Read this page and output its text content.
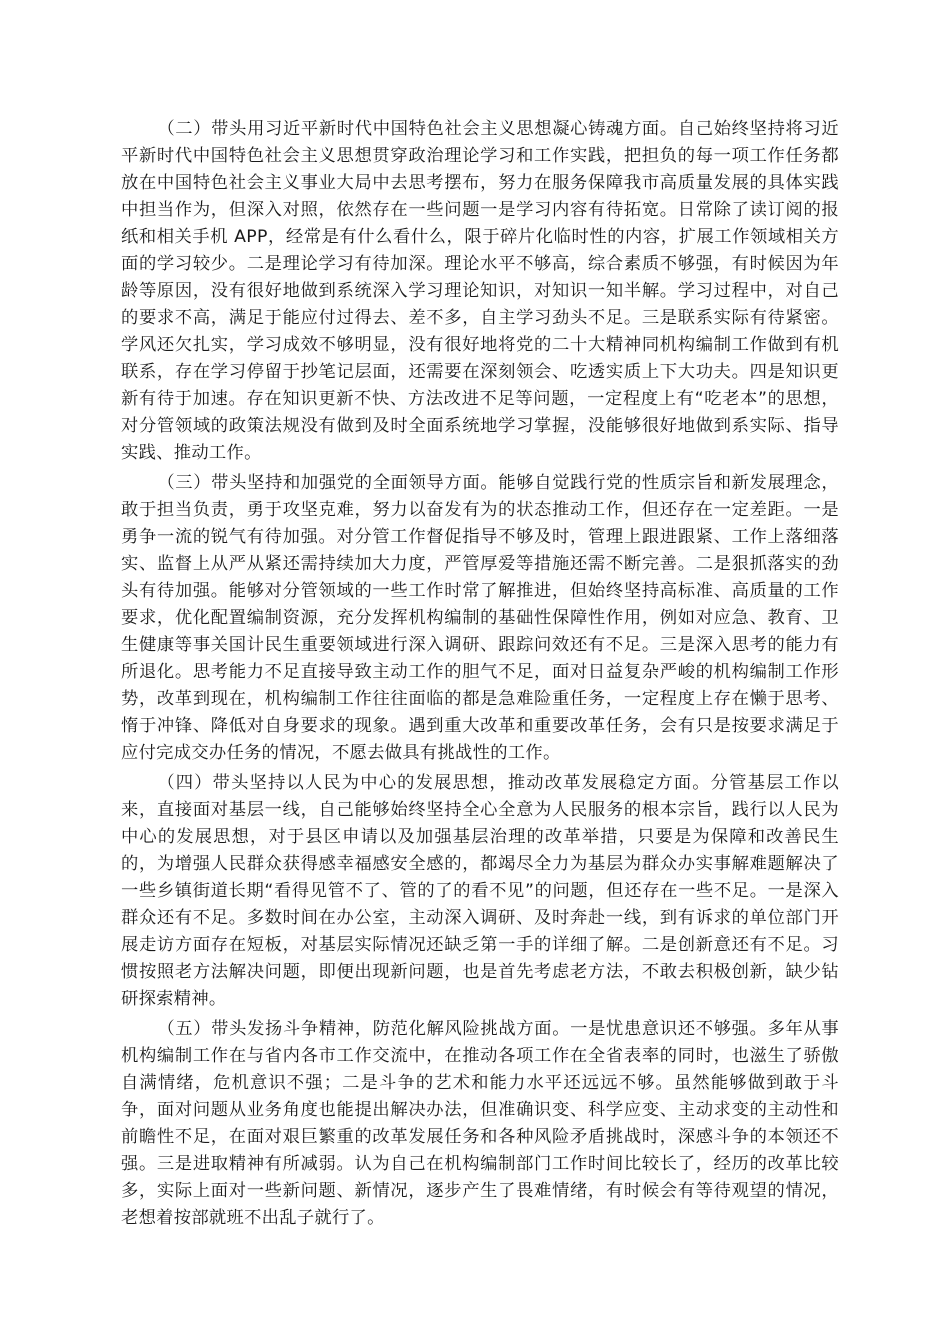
（二）带头用习近平新时代中国特色社会主义思想凝心铸魂方面。自己始终坚持将习近平新时代中国特色社会主义思想贯穿政治理论学习和工作实践，把担负的每一项工作任务都放在中国特色社会主义事业大局中去思考摆布，努力在服务保障我市高质量发展的具体实践中担当作为，但深入对照，依然存在一些问题一是学习内容有待拓宽。日常除了读订阅的报纸和相关手机 APP，经常是有什么看什么，限于碎片化临时性的内容，扩展工作领域相关方面的学习较少。二是理论学习有待加深。理论水平不够高，综合素质不够强，有时候因为年龄等原因，没有很好地做到系统深入学习理论知识，对知识一知半解。学习过程中，对自己的要求不高，满足于能应付过得去、差不多，自主学习劲头不足。三是联系实际有待紧密。学风还欠扎实，学习成效不够明显，没有很好地将党的二十大精神同机构编制工作做到有机联系，存在学习停留于抄笔记层面，还需要在深刻领会、吃透实质上下大功夫。四是知识更新有待于加速。存在知识更新不快、方法改进不足等问题，一定程度上有“吃老本”的思想，对分管领域的政策法规没有做到及时全面系统地学习掌握，没能够很好地做到系实际、指导实践、推动工作。

（三）带头坚持和加强党的全面领导方面。能够自觉践行党的性质宗旨和新发展理念，敢于担当负责，勇于攻坚克难，努力以奋发有为的状态推动工作，但还存在一定差距。一是勇争一流的锐气有待加强。对分管工作督促指导不够及时，管理上跟进跟紧、工作上落细落实、监督上从严从紧还需持续加大力度，严管厚爱等措施还需不断完善。二是狠抓落实的劲头有待加强。能够对分管领域的一些工作时常了解推进，但始终坚持高标准、高质量的工作要求，优化配置编制资源，充分发挥机构编制的基础性保障性作用，例如对应急、教育、卫生健康等事关国计民生重要领域进行深入调研、跟踪问效还有不足。三是深入思考的能力有所退化。思考能力不足直接导致主动工作的胆气不足，面对日益复杂严峻的机构编制工作形势，改革到现在，机构编制工作往往面临的都是急难险重任务，一定程度上存在懒于思考、惰于冲锋、降低对自身要求的现象。遇到重大改革和重要改革任务，会有只是按要求满足于应付完成交办任务的情况，不愿去做具有挑战性的工作。

（四）带头坚持以人民为中心的发展思想，推动改革发展稳定方面。分管基层工作以来，直接面对基层一线，自己能够始终坚持全心全意为人民服务的根本宗旨，践行以人民为中心的发展思想，对于县区申请以及加强基层治理的改革举措，只要是为保障和改善民生的，为增强人民群众获得感幸福感安全感的，都竭尽全力为基层为群众办实事解难题解决了一些乡镇街道长期“看得见管不了、管的了的看不见”的问题，但还存在一些不足。一是深入群众还有不足。多数时间在办公室，主动深入调研、及时奔赴一线，到有诉求的单位部门开展走访方面存在短板，对基层实际情况还缺乏第一手的详细了解。二是创新意还有不足。习惯按照老方法解决问题，即便出现新问题，也是首先考虑老方法，不敢去积极创新，缺少钻研探索精神。

（五）带头发扬斗争精神，防范化解风险挑战方面。一是忧患意识还不够强。多年从事机构编制工作在与省内各市工作交流中，在推动各项工作在全省表率的同时，也滋生了骄傲自满情绪，危机意识不强；二是斗争的艺术和能力水平还远远不够。虽然能够做到敢于斗争，面对问题从业务角度也能提出解决办法，但准确识变、科学应变、主动求变的主动性和前瞻性不足，在面对艰巨繁重的改革发展任务和各种风险矛盾挑战时，深感斗争的本领还不强。三是进取精神有所减弱。认为自己在机构编制部门工作时间比较长了，经历的改革比较多，实际上面对一些新问题、新情况，逐步产生了畏难情绪，有时候会有等待观望的情况，老想着按部就班不出乱子就行了。
